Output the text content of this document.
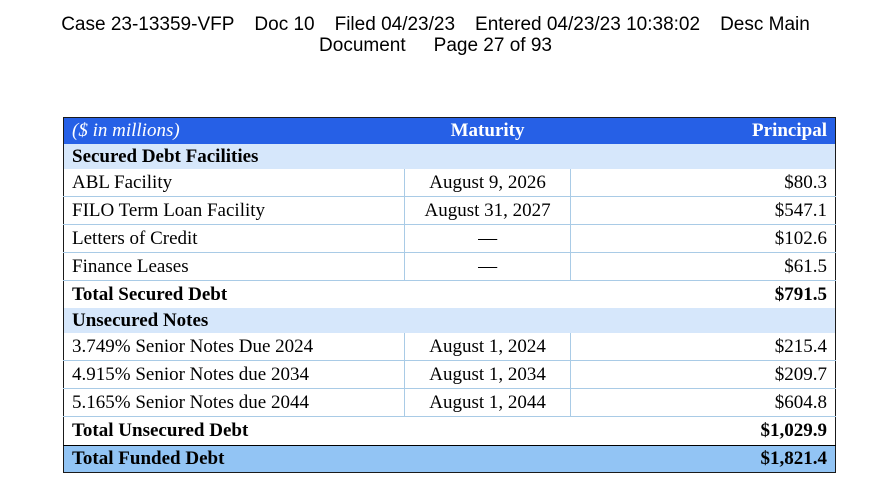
Case 23-13359-VFP Doc 10 Filed 04/23/23 Entered 04/23/23 10:38:02 Desc Main
Document Page 27 of 93
($ in millions)	Maturity	Principal
Secured Debt Facilities		
ABL Facility	August 9, 2026	$80.3
FILO Term Loan Facility	August 31, 2027	$547.1
Letters of Credit	—	$102.6
Finance Leases	—	$61.5
Total Secured Debt		$791.5
Unsecured Notes		
3.749% Senior Notes Due 2024	August 1, 2024	$215.4
4.915% Senior Notes due 2034	August 1, 2034	$209.7
5.165% Senior Notes due 2044	August 1, 2044	$604.8
Total Unsecured Debt		$1,029.9
Total Funded Debt		$1,821.4
